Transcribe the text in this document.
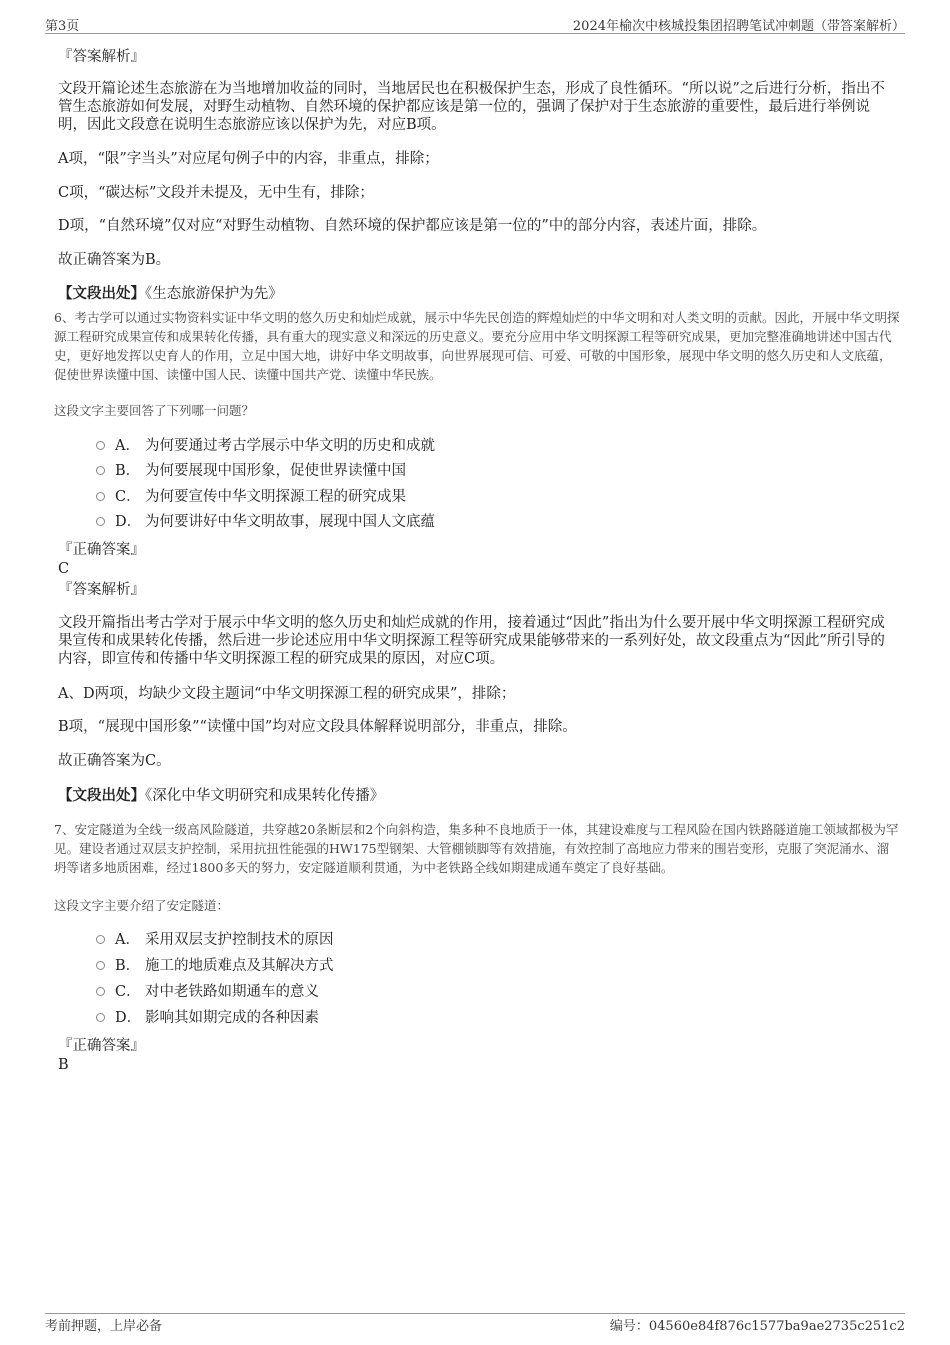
第3页	2024年榆次中核城投集团招聘笔试冲刺题（带答案解析）
『答案解析』
文段开篇论述生态旅游在为当地增加收益的同时，当地居民也在积极保护生态，形成了良性循环。“所以说”之后进行分析，指出不管生态旅游如何发展，对野生动植物、自然环境的保护都应该是第一位的，强调了保护对于生态旅游的重要性，最后进行举例说明，因此文段意在说明生态旅游应该以保护为先，对应B项。
A项，“限”字当头”对应尾句例子中的内容，非重点，排除；
C项，“碳达标”文段并未提及，无中生有，排除；
D项，“自然环境”仅对应“对野生动植物、自然环境的保护都应该是第一位的”中的部分内容，表述片面，排除。
故正确答案为B。
【文段出处】《生态旅游保护为先》
6、考古学可以通过实物资料实证中华文明的悠久历史和灿烂成就，展示中华先民创造的辉煌灿烂的中华文明和对人类文明的贡献。因此，开展中华文明探源工程研究成果宣传和成果转化传播，具有重大的现实意义和深远的历史意义。要充分应用中华文明探源工程等研究成果，更加完整准确地讲述中国古代史，更好地发挥以史育人的作用，立足中国大地，讲好中华文明故事，向世界展现可信、可爱、可敬的中国形象，展现中华文明的悠久历史和人文底蕴，促使世界读懂中国、读懂中国人民、读懂中国共产党、读懂中华民族。
这段文字主要回答了下列哪一问题？
A． 为何要通过考古学展示中华文明的历史和成就
B． 为何要展现中国形象，促使世界读懂中国
C． 为何要宣传中华文明探源工程的研究成果
D． 为何要讲好中华文明故事，展现中国人文底蕴
『正确答案』
C
『答案解析』
文段开篇指出考古学对于展示中华文明的悠久历史和灿烂成就的作用，接着通过“因此”指出为什么要开展中华文明探源工程研究成果宣传和成果转化传播，然后进一步论述应用中华文明探源工程等研究成果能够带来的一系列好处，故文段重点为“因此”所引导的内容，即宣传和传播中华文明探源工程的研究成果的原因，对应C项。
A、D两项，均缺少文段主题词“中华文明探源工程的研究成果”，排除；
B项，“展现中国形象”“读懂中国”均对应文段具体解释说明部分，非重点，排除。
故正确答案为C。
【文段出处】《深化中华文明研究和成果转化传播》
7、安定隧道为全线一级高风险隧道，共穿越20条断层和2个向斜构造，集多种不良地质于一体，其建设难度与工程风险在国内铁路隧道施工领域都极为罕见。建设者通过双层支护控制，采用抗扭性能强的HW175型钢架、大管棚锁脚等有效措施，有效控制了高地应力带来的围岩变形，克服了突泥涌水、溜坍等诸多地质困难，经过1800多天的努力，安定隧道顺利贯通，为中老铁路全线如期建成通车奠定了良好基础。
这段文字主要介绍了安定隧道：
A． 采用双层支护控制技术的原因
B． 施工的地质难点及其解决方式
C． 对中老铁路如期通车的意义
D． 影响其如期完成的各种因素
『正确答案』
B
考前押题，上岸必备	编号：04560e84f876c1577ba9ae2735c251c2
